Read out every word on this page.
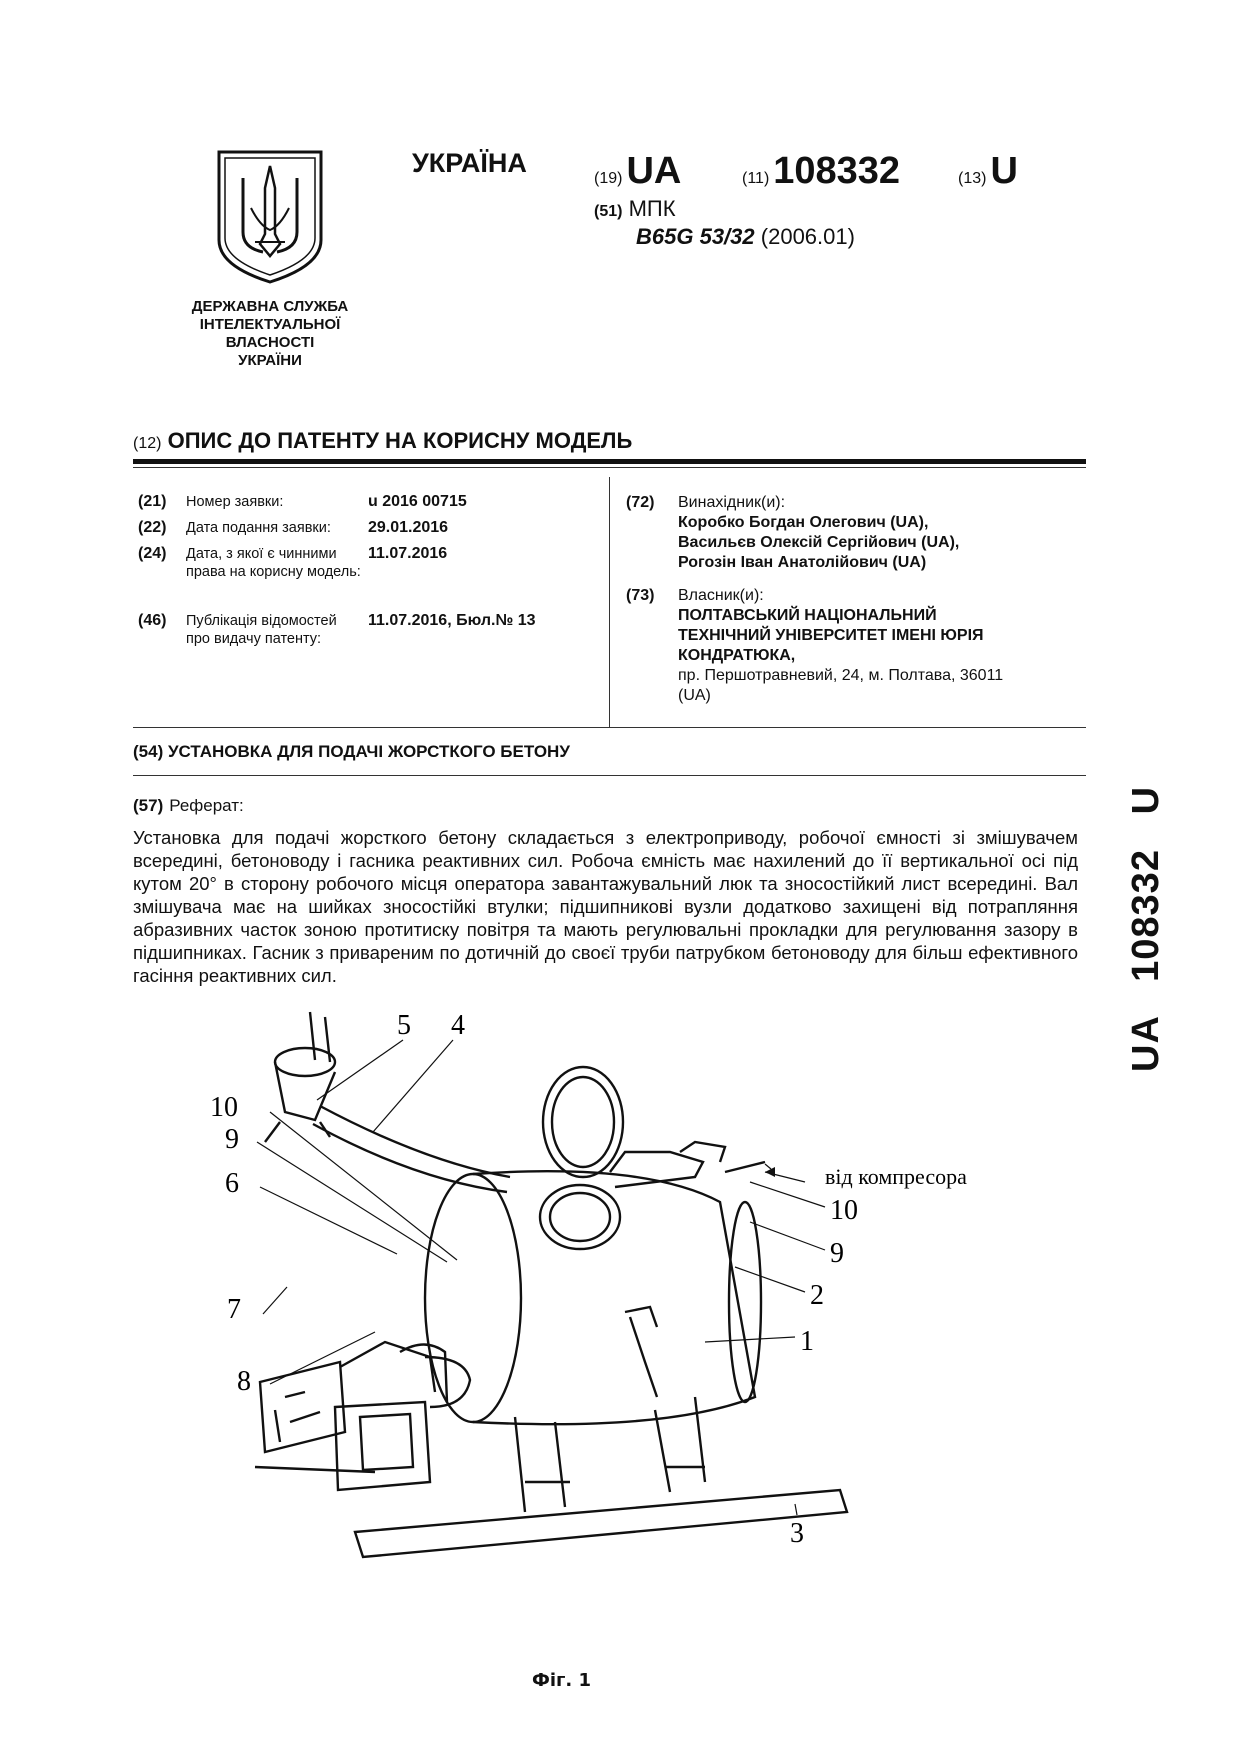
ДЕРЖАВНА СЛУЖБА
ІНТЕЛЕКТУАЛЬНОЇ
ВЛАСНОСТІ
УКРАЇНИ
УКРАЇНА
(19) UA	(11) 108332	(13) U
(51) МПК
B65G 53/32 (2006.01)
(12) ОПИС ДО ПАТЕНТУ НА КОРИСНУ МОДЕЛЬ
(21) Номер заявки:	u 2016 00715
(22) Дата подання заявки:	29.01.2016
(24) Дата, з якої є чинними права на корисну модель:
11.07.2016
(46) Публікація відомостей про видачу патенту:
11.07.2016, Бюл.№ 13
(72) Винахідник(и):
Коробко Богдан Олегович (UA),
Васильєв Олексій Сергійович (UA),
Рогозін Іван Анатолійович (UA)
(73) Власник(и):
ПОЛТАВСЬКИЙ НАЦІОНАЛЬНИЙ
ТЕХНІЧНИЙ УНІВЕРСИТЕТ ІМЕНІ ЮРІЯ
КОНДРАТЮКА,
пр. Першотравневий, 24, м. Полтава, 36011
(UA)
(54) УСТАНОВКА ДЛЯ ПОДАЧІ ЖОРСТКОГО БЕТОНУ
(57) Реферат:
Установка для подачі жорсткого бетону складається з електроприводу, робочої ємності зі змішувачем всередині, бетоноводу і гасника реактивних сил. Робоча ємність має нахилений до її вертикальної осі під кутом 20° в сторону робочого місця оператора завантажувальний люк та зносостійкий лист всередині. Вал змішувача має на шийках зносостійкі втулки; підшипникові вузли додатково захищені від потрапляння абразивних часток зоною протитиску повітря та мають регулювальні прокладки для регулювання зазору в підшипниках. Гасник з привареним по дотичній до своєї труби патрубком бетоноводу для більш ефективного гасіння реактивних сил.	UA   108332   U
5 4
10
9
6
7
8
10
9
2
1
3
від компресора
Фіг. 1
